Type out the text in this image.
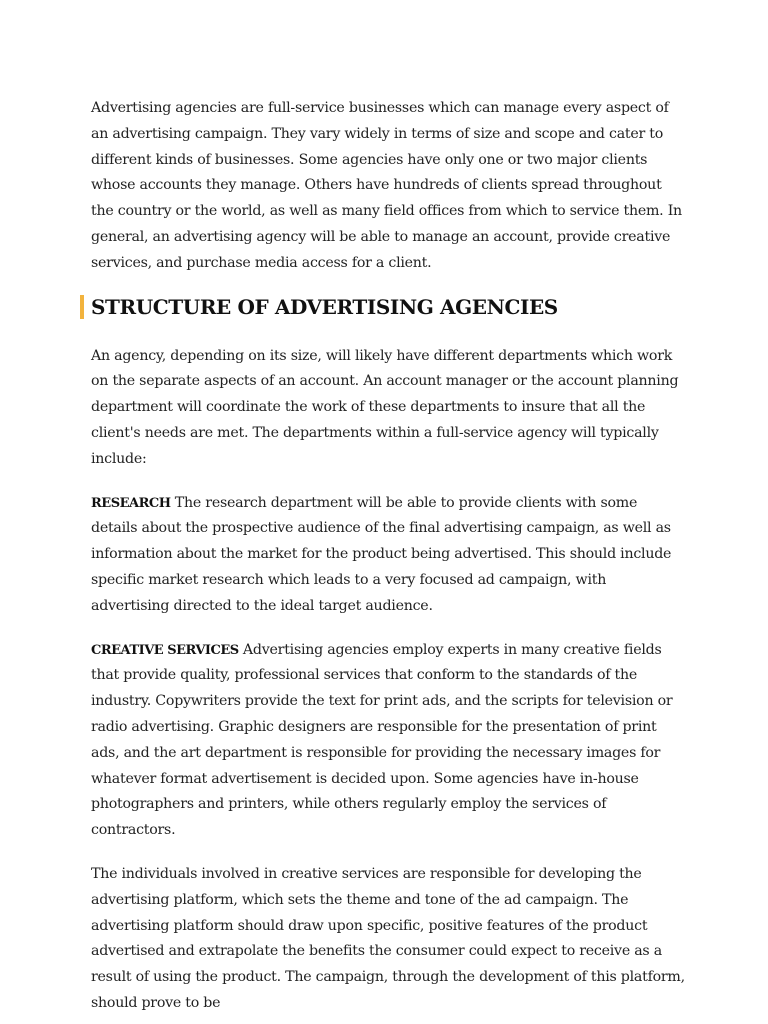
Advertising agencies are full-service businesses which can manage every aspect of an advertising campaign. They vary widely in terms of size and scope and cater to different kinds of businesses. Some agencies have only one or two major clients whose accounts they manage. Others have hundreds of clients spread throughout the country or the world, as well as many field offices from which to service them. In general, an advertising agency will be able to manage an account, provide creative services, and purchase media access for a client.

STRUCTURE OF ADVERTISING AGENCIES

An agency, depending on its size, will likely have different departments which work on the separate aspects of an account. An account manager or the account planning department will coordinate the work of these departments to insure that all the client's needs are met. The departments within a full-service agency will typically include:

RESEARCH The research department will be able to provide clients with some details about the prospective audience of the final advertising campaign, as well as information about the market for the product being advertised. This should include specific market research which leads to a very focused ad campaign, with advertising directed to the ideal target audience.

CREATIVE SERVICES Advertising agencies employ experts in many creative fields that provide quality, professional services that conform to the standards of the industry. Copywriters provide the text for print ads, and the scripts for television or radio advertising. Graphic designers are responsible for the presentation of print ads, and the art department is responsible for providing the necessary images for whatever format advertisement is decided upon. Some agencies have in-house photographers and printers, while others regularly employ the services of contractors.

The individuals involved in creative services are responsible for developing the advertising platform, which sets the theme and tone of the ad campaign. The advertising platform should draw upon specific, positive features of the product advertised and extrapolate the benefits the consumer could expect to receive as a result of using the product. The campaign, through the development of this platform, should prove to be
